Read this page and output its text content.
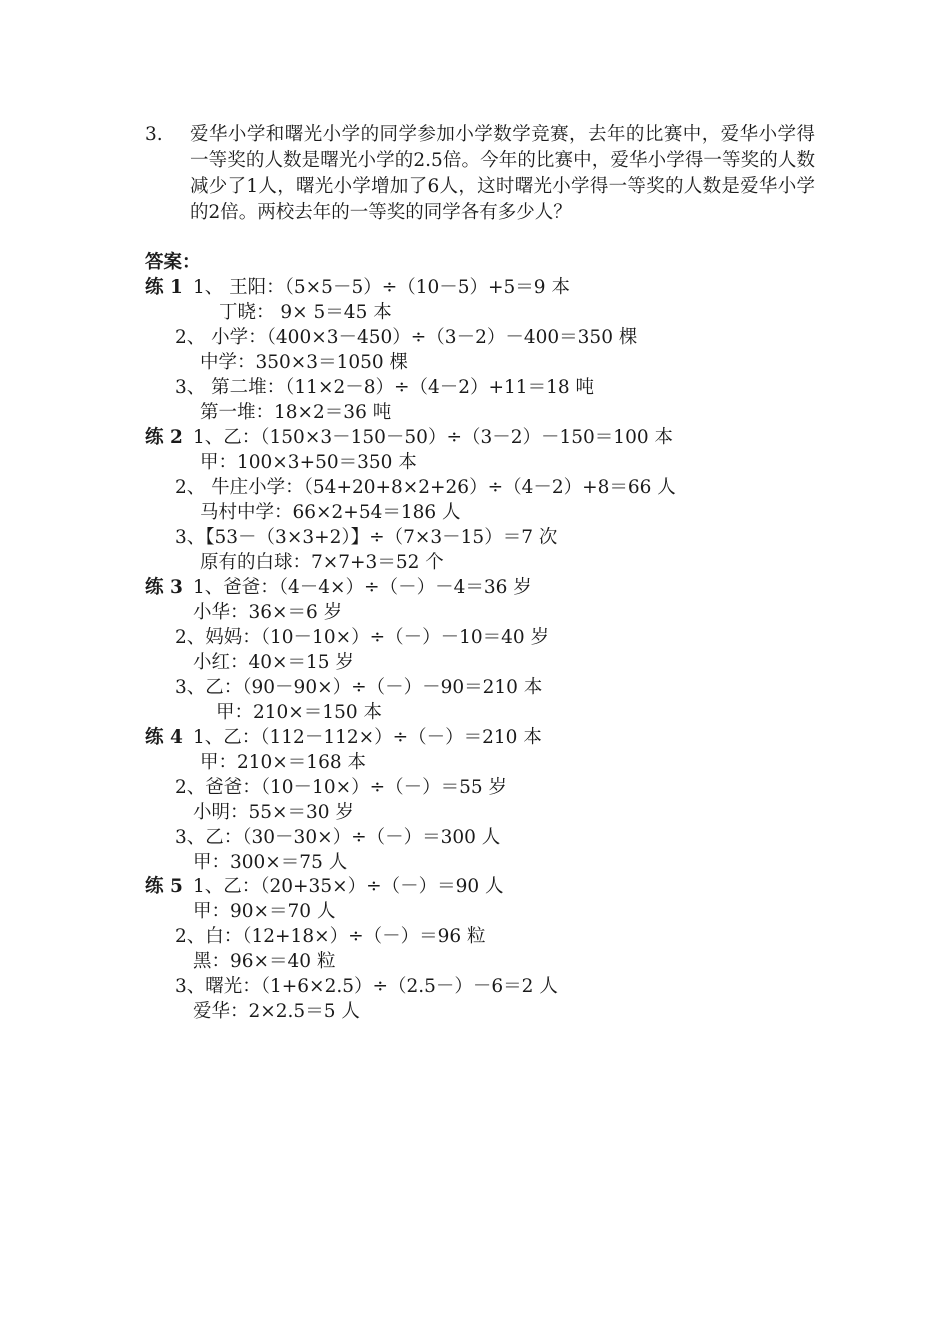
3. 爱华小学和曙光小学的同学参加小学数学竞赛，去年的比赛中，爱华小学得一等奖的人数是曙光小学的2.5倍。今年的比赛中，爱华小学得一等奖的人数减少了1人，曙光小学增加了6人，这时曙光小学得一等奖的人数是爱华小学的2倍。两校去年的一等奖的同学各有多少人？
答案：
练 1 1、 王阳：（5×5－5）÷（10－5）+5＝9 本
丁晓： 9× 5＝45 本
2、 小学：（400×3－450）÷（3－2）－400＝350 棵
中学：350×3＝1050 棵
3、 第二堆：（11×2－8）÷（4－2）+11＝18 吨
第一堆：18×2＝36 吨
练 2 1、乙：（150×3－150－50）÷（3－2）－150＝100 本
甲：100×3+50＝350 本
2、 牛庄小学：（54+20+8×2+26）÷（4－2）+8＝66 人
马村中学：66×2+54＝186 人
3、【53－（3×3+2）】÷（7×3－15）＝7 次
原有的白球：7×7+3＝52 个
练 3 1、爸爸：（4－4×）÷（－）－4＝36 岁
小华：36×＝6 岁
2、妈妈：（10－10×）÷（－）－10＝40 岁
小红：40×＝15 岁
3、乙：（90－90×）÷（－）－90＝210 本
甲：210×＝150 本
练 4 1、乙：（112－112×）÷（－）＝210 本
甲：210×＝168 本
2、爸爸：（10－10×）÷（－）＝55 岁
小明：55×＝30 岁
3、乙：（30－30×）÷（－）＝300 人
甲：300×＝75 人
练 5 1、乙：（20+35×）÷（－）＝90 人
甲：90×＝70 人
2、白：（12+18×）÷（－）＝96 粒
黑：96×＝40 粒
3、曙光：（1+6×2.5）÷（2.5－）－6＝2 人
爱华：2×2.5＝5 人
